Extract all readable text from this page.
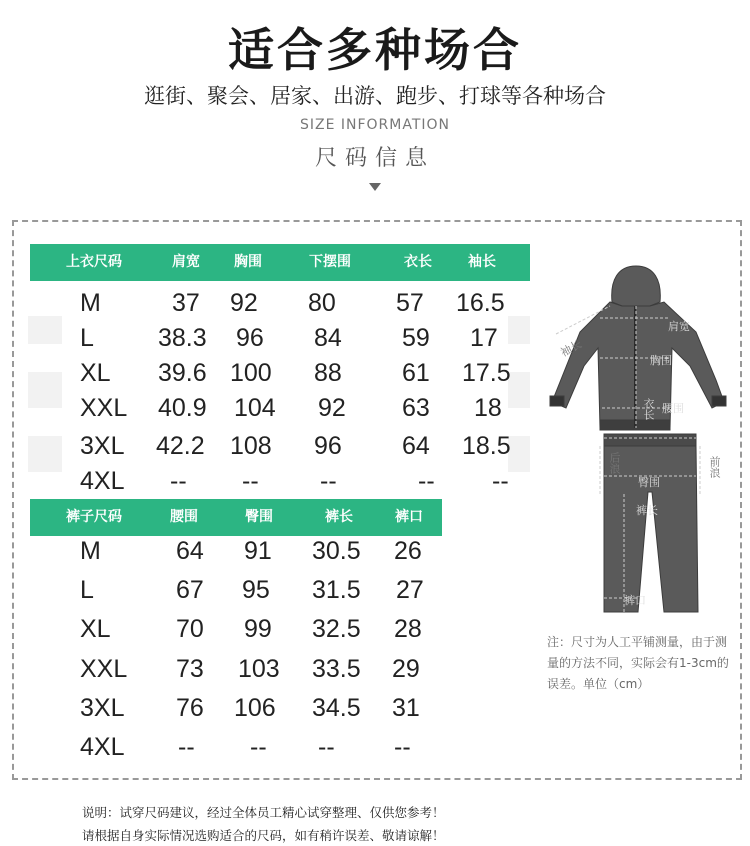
适合多种场合
逛街、聚会、居家、出游、跑步、打球等各种场合
SIZE INFORMATION
尺码信息
上衣尺码	肩宽 胸围	下摆围	衣长	袖长
M	37 92 80 57 16.5
L	38.3 96 84 59 17
XL 39.6 100 88 61 17.5
XXL 40.9 104 92 63 18
3XL 42.2 108 96 64 18.5
4XL -- -- --	-- --
裤子尺码	腰围	臀围	裤长	裤口
M	64 91 30.5 26
L	67 95 31.5 27
XL	70 99 32.5 28
XXL 73 103 33.5 29
3XL 76 106 34.5 31
4XL -- -- -- --
袖长
肩宽
胸围
衣长 腰围
后浪	前浪
臀围
裤长
裤口
注：尺寸为人工平铺测量，由于测量的方法不同，实际会有1-3cm的误差。单位（cm）
说明：试穿尺码建议，经过全体员工精心试穿整理、仅供您参考！
请根据自身实际情况选购适合的尺码，如有稍许误差、敬请谅解！
